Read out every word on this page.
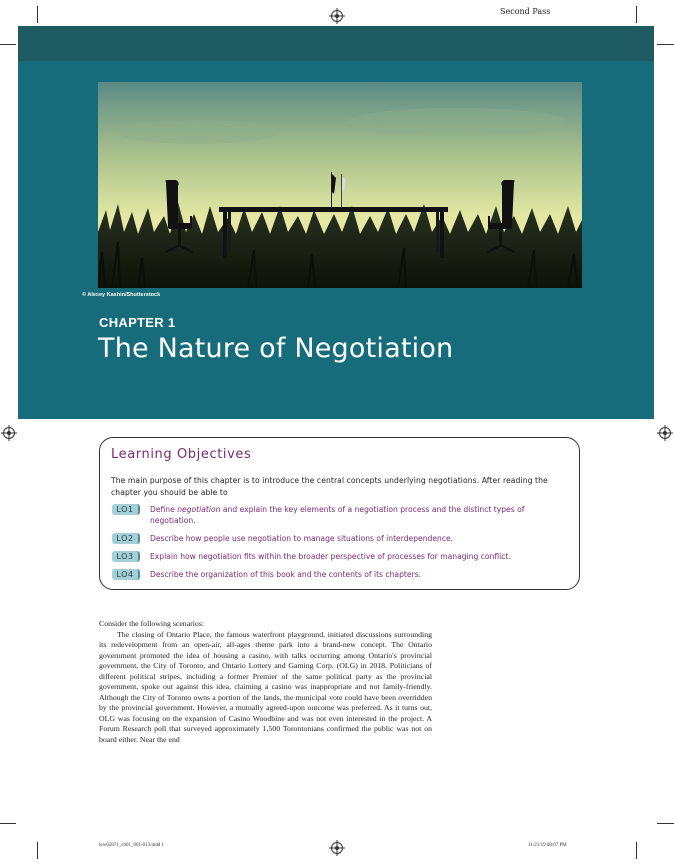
Second Pass
© Alexey Kashin/Shutterstock
CHAPTER 1
The Nature of Negotiation
Learning Objectives
The main purpose of this chapter is to introduce the central concepts underlying negotiations. After reading the chapter you should be able to
LO1	Define negotiation and explain the key elements of a negotiation process and the distinct types of negotiation.
LO2	Describe how people use negotiation to manage situations of interdependence.
LO3	Explain how negotiation fits within the broader perspective of processes for managing conflict.
LO4	Describe the organization of this book and the contents of its chapters.

Consider the following scenarios:

The closing of Ontario Place, the famous waterfront playground, initiated discussions surrounding its redevelopment from an open-air, all-ages theme park into a brand-new concept. The Ontario government promoted the idea of housing a casino, with talks occurring among Ontario's provincial government, the City of Toronto, and Ontario Lottery and Gaming Corp. (OLG) in 2018. Politicians of different political stripes, including a former Premier of the same political party as the provincial government, spoke out against this idea, claiming a casino was inappropriate and not family-friendly. Although the City of Toronto owns a portion of the lands, the municipal vote could have been overridden by the provincial government. However, a mutually agreed-upon outcome was preferred. As it turns out, OLG was focusing on the expansion of Casino Woodbine and was not even interested in the project. A Forum Research poll that surveyed approximately 1,500 Torontonians confirmed the public was not on board either. Near the end

lew65871_ch01_001-013.indd 1	11/21/19 08:07 PM
